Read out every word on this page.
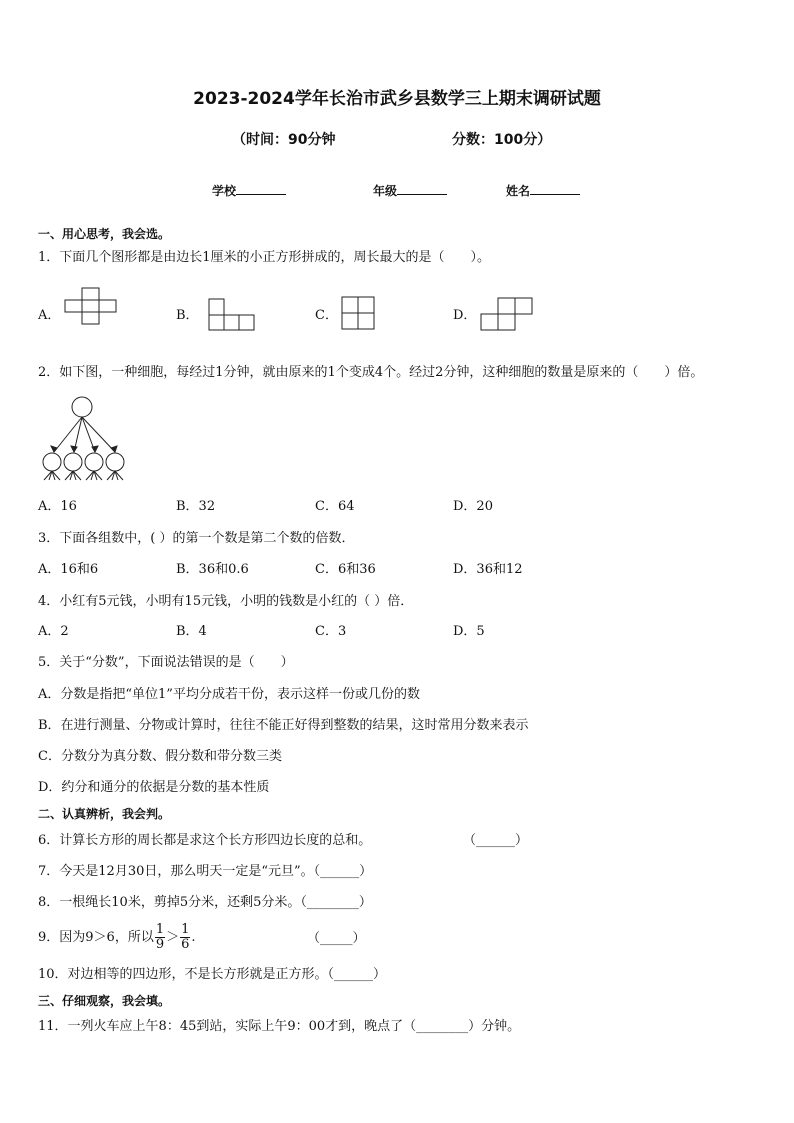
2023-2024学年长治市武乡县数学三上期末调研试题
（时间：90分钟	分数：100分）
学校	年级	姓名
一、用心思考，我会选。
1．下面几个图形都是由边长1厘米的小正方形拼成的，周长最大的是（　　）。
A．	B．	C．	D．
2．如下图，一种细胞，每经过1分钟，就由原来的1个变成4个。经过2分钟，这种细胞的数量是原来的（　　）倍。
A．16	B．32	C．64	D．20
3．下面各组数中，( ）的第一个数是第二个数的倍数．
A．16和6	B．36和0.6	C．6和36	D．36和12
4．小红有5元钱，小明有15元钱，小明的钱数是小红的（ ）倍．
A．2	B．4	C．3	D．5
5．关于“分数”，下面说法错误的是（　　）
A．分数是指把“单位1”平均分成若干份，表示这样一份或几份的数
B．在进行测量、分物或计算时，往往不能正好得到整数的结果，这时常用分数来表示
C．分数分为真分数、假分数和带分数三类
D．约分和通分的依据是分数的基本性质
二、认真辨析，我会判。
6．计算长方形的周长都是求这个长方形四边长度的总和。	（______）
7．今天是12月30日，那么明天一定是“元旦”。（______）
8．一根绳长10米，剪掉5分米，还剩5分米。（________）
9．因为9＞6，所以 $\frac{1}{9} > \frac{1}{6}$ .	（_____）
10．对边相等的四边形，不是长方形就是正方形。（______）
三、仔细观察，我会填。
11．一列火车应上午8：45到站，实际上午9：00才到，晚点了（________）分钟。
